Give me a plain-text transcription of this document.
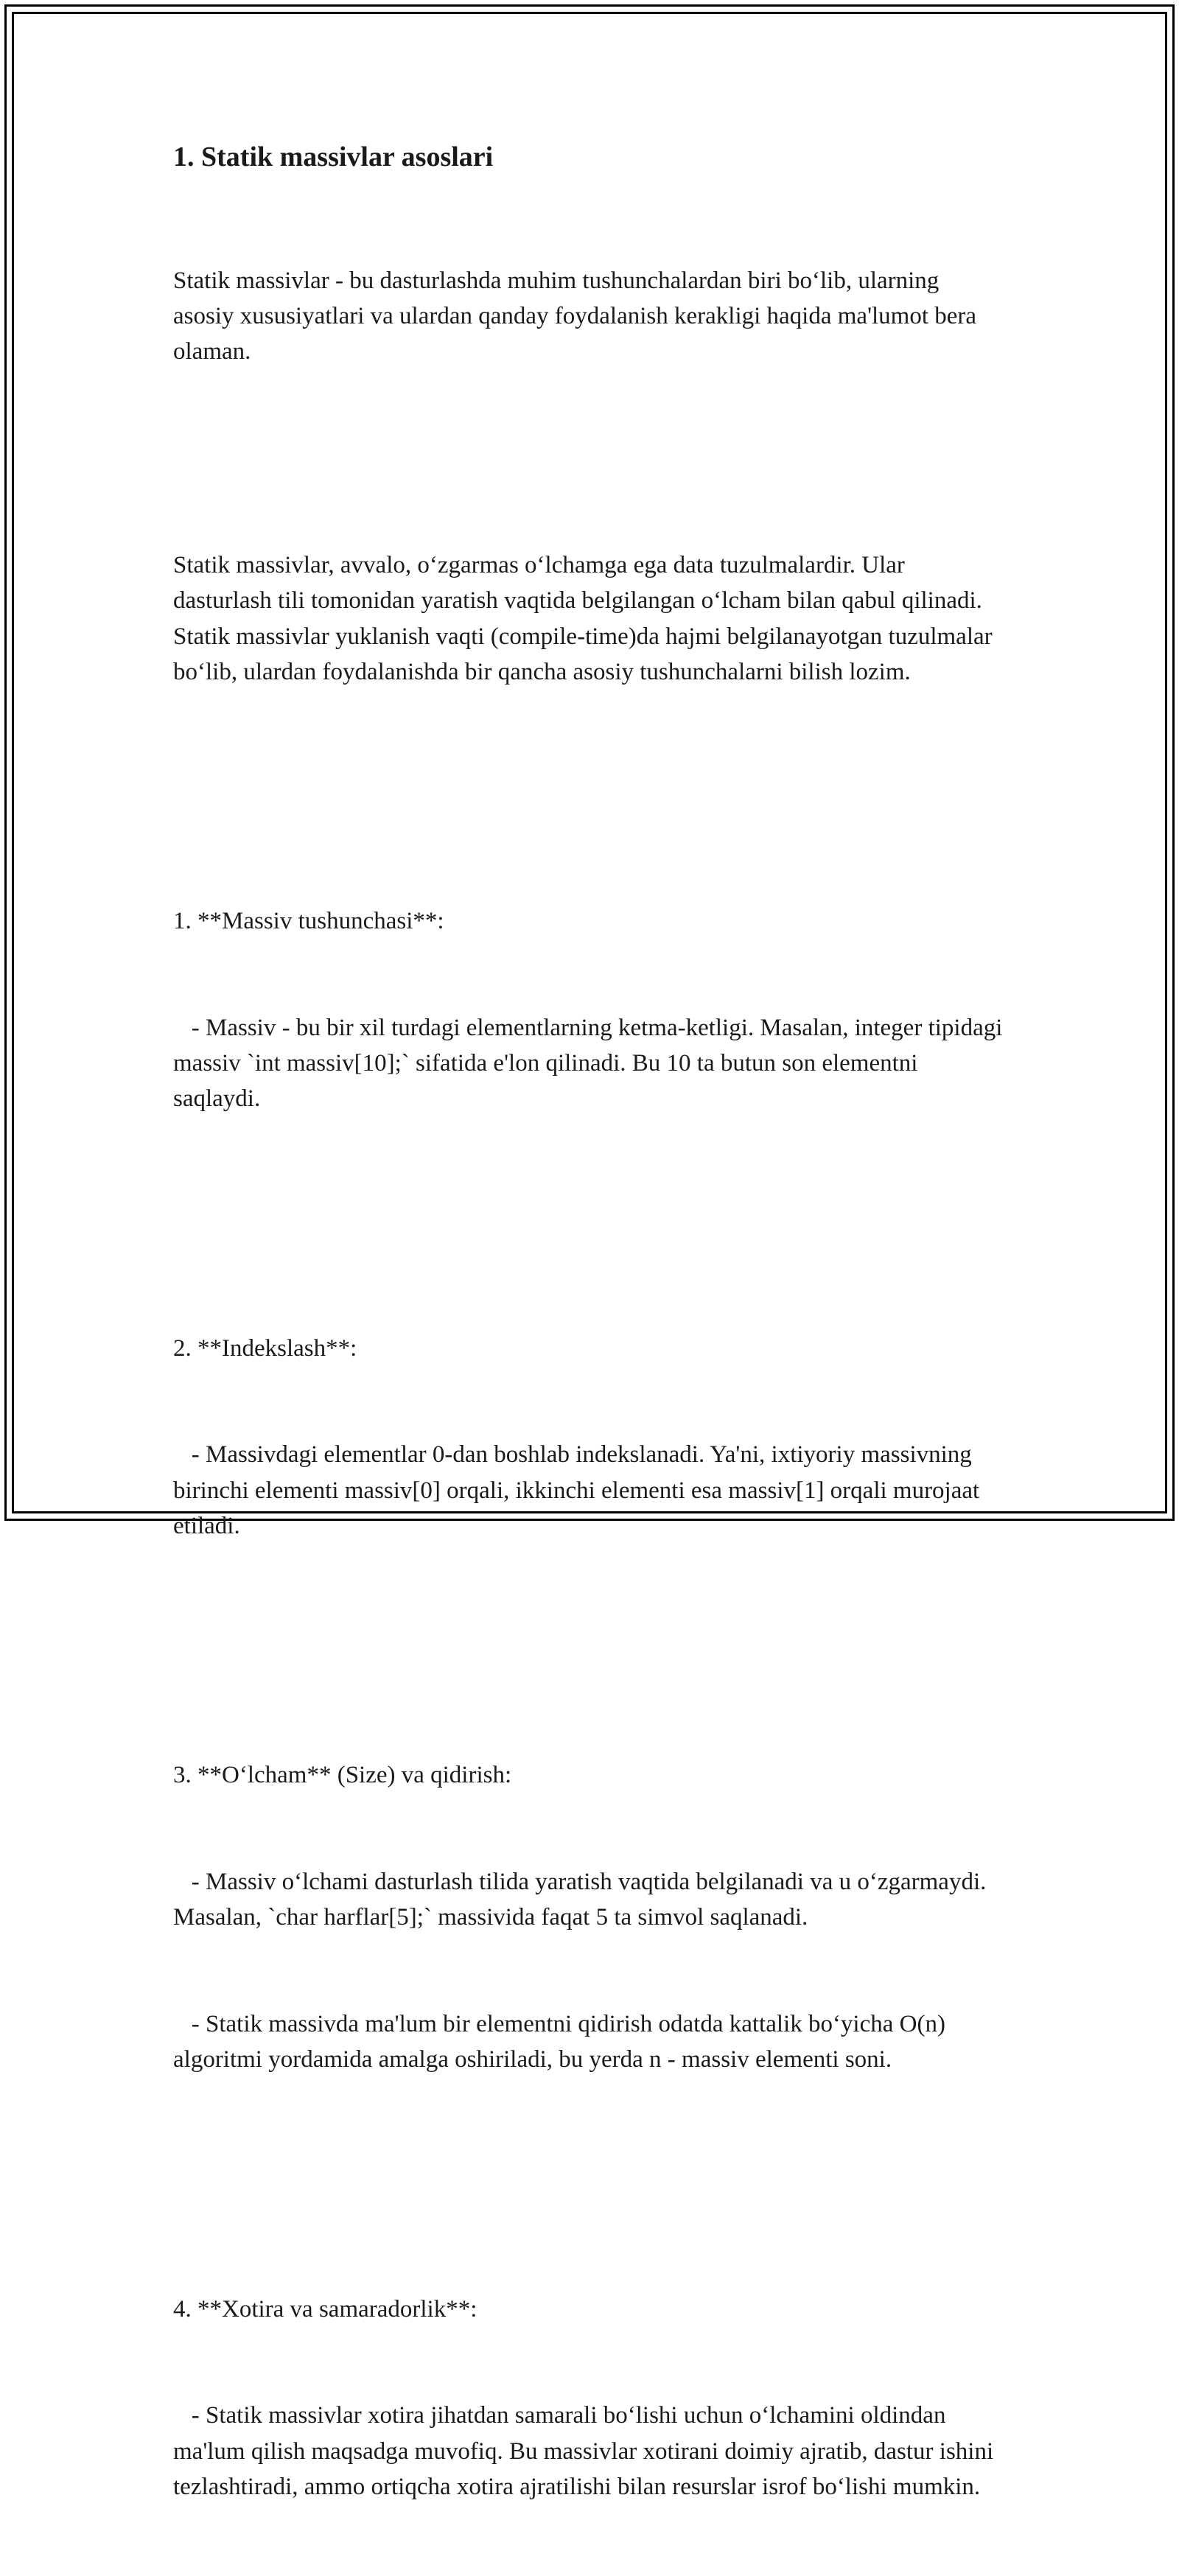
1. Statik massivlar asoslari

Statik massivlar - bu dasturlashda muhim tushunchalardan biri bo‘lib, ularning asosiy xususiyatlari va ulardan qanday foydalanish kerakligi haqida ma'lumot bera olaman.

Statik massivlar, avvalo, o‘zgarmas o‘lchamga ega data tuzulmalardir. Ular dasturlash tili tomonidan yaratish vaqtida belgilangan o‘lcham bilan qabul qilinadi. Statik massivlar yuklanish vaqti (compile-time)da hajmi belgilanayotgan tuzulmalar bo‘lib, ulardan foydalanishda bir qancha asosiy tushunchalarni bilish lozim.

1. **Massiv tushunchasi**:

- Massiv - bu bir xil turdagi elementlarning ketma-ketligi. Masalan, integer tipidagi massiv `int massiv[10];` sifatida e'lon qilinadi. Bu 10 ta butun son elementni saqlaydi.

2. **Indekslash**:

- Massivdagi elementlar 0-dan boshlab indekslanadi. Ya'ni, ixtiyoriy massivning birinchi elementi massiv[0] orqali, ikkinchi elementi esa massiv[1] orqali murojaat etiladi.

3. **O‘lcham** (Size) va qidirish:

- Massiv o‘lchami dasturlash tilida yaratish vaqtida belgilanadi va u o‘zgarmaydi. Masalan, `char harflar[5];` massivida faqat 5 ta simvol saqlanadi.

- Statik massivda ma'lum bir elementni qidirish odatda kattalik bo‘yicha O(n) algoritmi yordamida amalga oshiriladi, bu yerda n - massiv elementi soni.

4. **Xotira va samaradorlik**:

- Statik massivlar xotira jihatdan samarali bo‘lishi uchun o‘lchamini oldindan ma'lum qilish maqsadga muvofiq. Bu massivlar xotirani doimiy ajratib, dastur ishini tezlashtiradi, ammo ortiqcha xotira ajratilishi bilan resurslar isrof bo‘lishi mumkin.
